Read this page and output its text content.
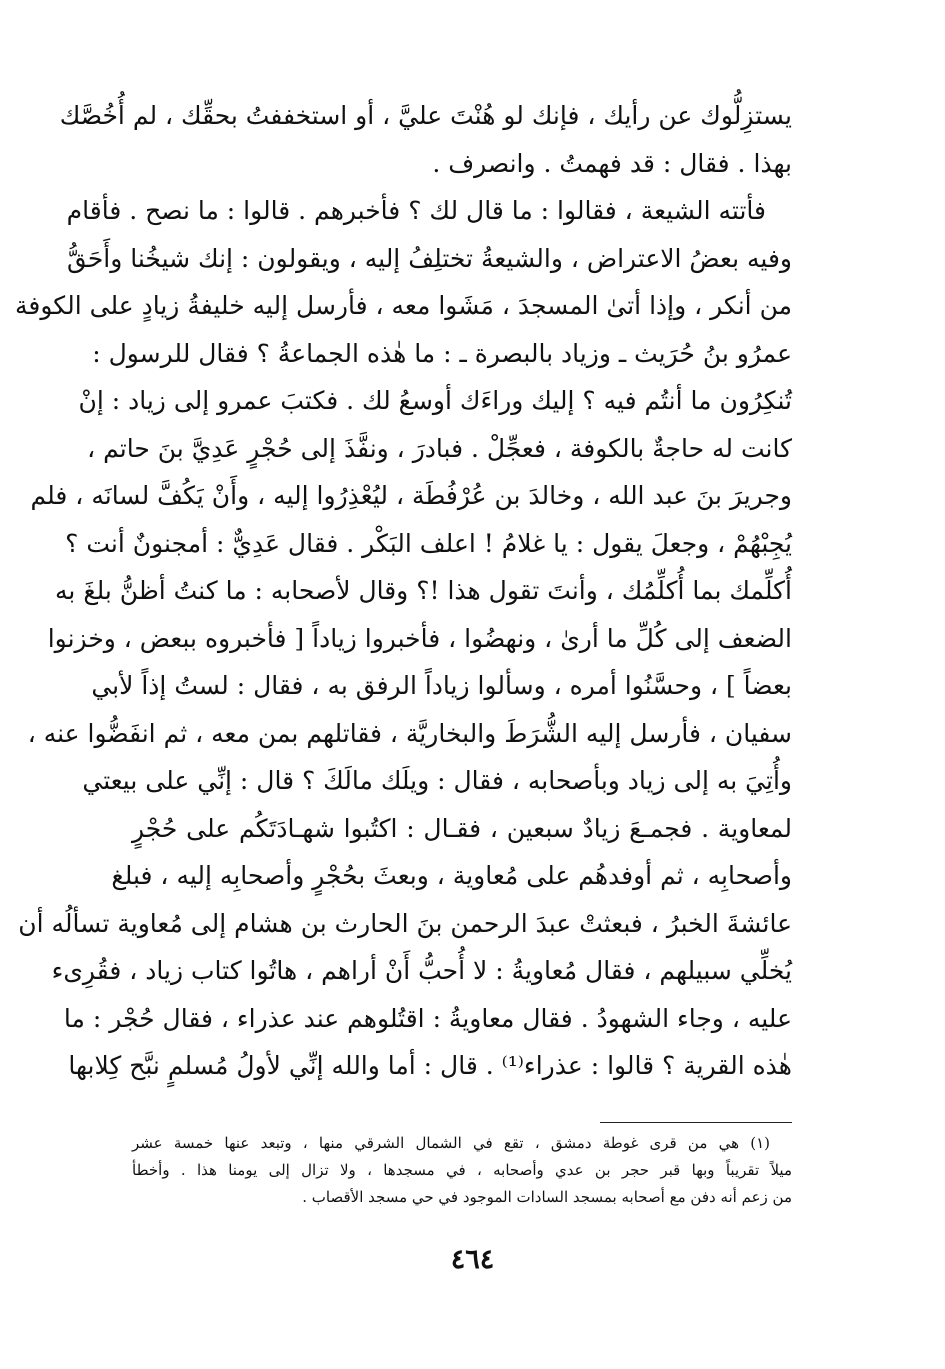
يستزِلُّوك عن رأيك ، فإنك لو هُنْتَ عليَّ ، أو استخففتُ بحقِّك ، لم أُخُصَّك
بهذا . فقال : قد فهمتُ . وانصرف .
فأتته الشيعة ، فقالوا : ما قال لك ؟ فأخبرهم . قالوا : ما نصح . فأقام
وفيه بعضُ الاعتراض ، والشيعةُ تختلِفُ إليه ، ويقولون : إنك شيخُنا وأَحَقُّ
من أنكر ، وإذا أتىٰ المسجدَ ، مَشَوا معه ، فأرسل إليه خليفةُ زيادٍ على الكوفة
عمرُو بنُ حُرَيث ـ وزياد بالبصرة ـ : ما هٰذه الجماعةُ ؟ فقال للرسول :
تُنكِرُون ما أنتُم فيه ؟ إليك وراءَك أوسعُ لك . فكتبَ عمرو إلى زياد : إنْ
كانت له حاجةٌ بالكوفة ، فعجِّلْ . فبادرَ ، ونفَّذَ إلى حُجْرٍ عَدِيَّ بنَ حاتم ،
وجريرَ بنَ عبد الله ، وخالدَ بن عُرْفُطَة ، ليُعْذِرُوا إليه ، وأَنْ يَكُفَّ لسانَه ، فلم
يُجِبْهُمْ ، وجعلَ يقول : يا غلامُ ! اعلف البَكْر . فقال عَدِيٌّ : أمجنونٌ أنت ؟
أُكلِّمك بما أُكلِّمُك ، وأنتَ تقول هذا !؟ وقال لأصحابه : ما كنتُ أظنُّ بلغَ به
الضعف إلى كُلِّ ما أرىٰ ، ونهضُوا ، فأخبروا زياداً [ فأخبروه ببعض ، وخزنوا
بعضاً ] ، وحسَّنُوا أمره ، وسألوا زياداً الرفق به ، فقال : لستُ إذاً لأبي
سفيان ، فأرسل إليه الشُّرَطَ والبخاريَّة ، فقاتلهم بمن معه ، ثم انفَضُّوا عنه ،
وأُتِيَ به إلى زياد وبأصحابه ، فقال : ويلَك مالَكَ ؟ قال : إنِّي على بيعتي
لمعاوية . فجمـعَ زيادٌ سبعين ، فقـال : اكتُبوا شهـادَتَكُم على حُجْرٍ
وأصحابِه ، ثم أوفدهُم على مُعاوية ، وبعثَ بحُجْرٍ وأصحابِه إليه ، فبلغ
عائشةَ الخبرُ ، فبعثتْ عبدَ الرحمن بنَ الحارث بن هشام إلى مُعاوية تسألُه أن
يُخلِّي سبيلهم ، فقال مُعاويةُ : لا أُحبُّ أَنْ أراهم ، هاتُوا كتاب زياد ، فقُرِىء
عليه ، وجاء الشهودُ . فقال معاويةُ : اقتُلوهم عند عذراء ، فقال حُجْر : ما
هٰذه القرية ؟ قالوا : عذراء⁽¹⁾ . قال : أما والله إنِّي لأولُ مُسلمٍ نبَّح كِلابها
(١) هي من قرى غوطة دمشق ، تقع في الشمال الشرقي منها ، وتبعد عنها خمسة عشر
ميلاً تقريباً وبها قبر حجر بن عدي وأصحابه ، في مسجدها ، ولا تزال إلى يومنا هذا . وأخطأ
من زعم أنه دفن مع أصحابه بمسجد السادات الموجود في حي مسجد الأقصاب .
٤٦٤
